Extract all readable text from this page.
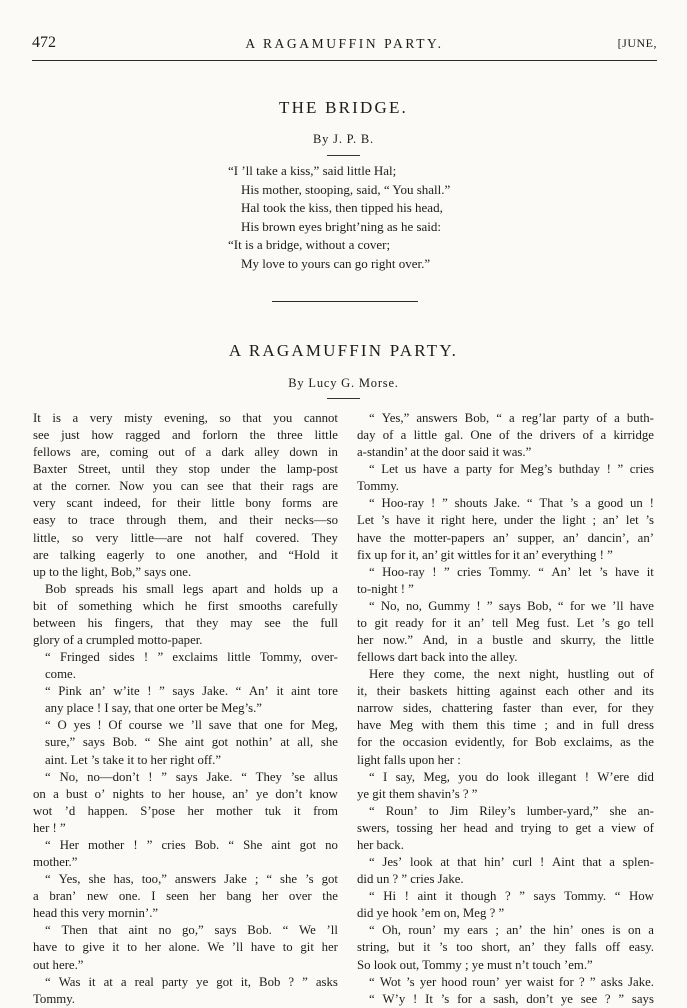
472	A RAGAMUFFIN PARTY.	[JUNE,
THE BRIDGE.
By J. P. B.
“I ’ll take a kiss,” said little Hal;
His mother, stooping, said, “ You shall.”
Hal took the kiss, then tipped his head,
His brown eyes bright’ning as he said:
“It is a bridge, without a cover;
My love to yours can go right over.”
A RAGAMUFFIN PARTY.
By Lucy G. Morse.
It is a very misty evening, so that you cannot
see just how ragged and forlorn the three little
fellows are, coming out of a dark alley down in
Baxter Street, until they stop under the lamp-post
at the corner. Now you can see that their rags are
very scant indeed, for their little bony forms are
easy to trace through them, and their necks—so
little, so very little—are not half covered. They
are talking eagerly to one another, and “Hold it
up to the light, Bob,” says one.
Bob spreads his small legs apart and holds up a
bit of something which he first smooths carefully
between his fingers, that they may see the full
glory of a crumpled motto-paper.
“ Fringed sides ! ” exclaims little Tommy, over-
come.
“ Pink an’ w’ite ! ” says Jake. “ An’ it aint tore
any place ! I say, that one orter be Meg’s.”
“ O yes ! Of course we ’ll save that one for Meg,
sure,” says Bob. “ She aint got nothin’ at all, she
aint. Let ’s take it to her right off.”
“ No, no—don’t ! ” says Jake. “ They ’se allus
on a bust o’ nights to her house, an’ ye don’t know
wot ’d happen. S’pose her mother tuk it from
her ! ”
“ Her mother ! ” cries Bob. “ She aint got no
mother.”
“ Yes, she has, too,” answers Jake ; “ she ’s got
a bran’ new one. I seen her bang her over the
head this very mornin’.”
“ Then that aint no go,” says Bob. “ We ’ll
have to give it to her alone. We ’ll have to git her
out here.”
“ Was it at a real party ye got it, Bob ? ” asks
Tommy.
“ Yes,” answers Bob, “ a reg’lar party of a buth-
day of a little gal. One of the drivers of a kirridge
a-standin’ at the door said it was.”
“ Let us have a party for Meg’s buthday ! ” cries
Tommy.
“ Hoo-ray ! ” shouts Jake. “ That ’s a good un !
Let ’s have it right here, under the light ; an’ let ’s
have the motter-papers an’ supper, an’ dancin’, an’
fix up for it, an’ git wittles for it an’ everything ! ”
“ Hoo-ray ! ” cries Tommy. “ An’ let ’s have it
to-night ! ”
“ No, no, Gummy ! ” says Bob, “ for we ’ll have
to git ready for it an’ tell Meg fust. Let ’s go tell
her now.” And, in a bustle and skurry, the little
fellows dart back into the alley.
Here they come, the next night, hustling out of
it, their baskets hitting against each other and its
narrow sides, chattering faster than ever, for they
have Meg with them this time ; and in full dress
for the occasion evidently, for Bob exclaims, as the
light falls upon her :
“ I say, Meg, you do look illegant ! W’ere did
ye git them shavin’s ? ”
“ Roun’ to Jim Riley’s lumber-yard,” she an-
swers, tossing her head and trying to get a view of
her back.
“ Jes’ look at that hin’ curl ! Aint that a splen-
did un ? ” cries Jake.
“ Hi ! aint it though ? ” says Tommy. “ How
did ye hook ’em on, Meg ? ”
“ Oh, roun’ my ears ; an’ the hin’ ones is on a
string, but it ’s too short, an’ they falls off easy.
So look out, Tommy ; ye must n’t touch ’em.”
“ Wot ’s yer hood roun’ yer waist for ? ” asks Jake.
“ W’y ! It ’s for a sash, don’t ye see ? ” says
